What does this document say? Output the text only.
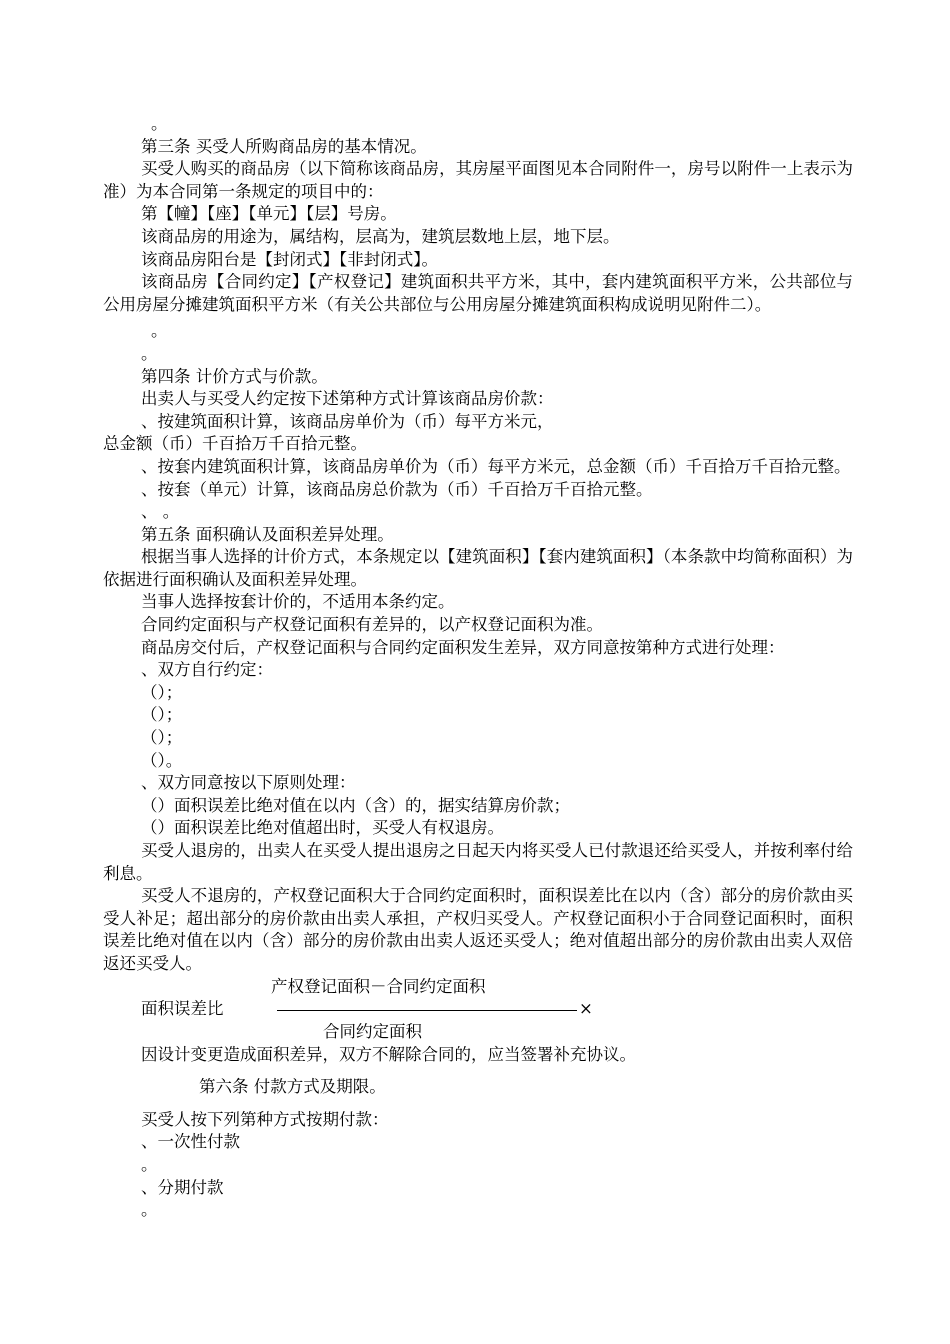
。

第三条 买受人所购商品房的基本情况。

买受人购买的商品房（以下简称该商品房，其房屋平面图见本合同附件一，房号以附件一上表示为准）为本合同第一条规定的项目中的：

第【幢】【座】【单元】【层】号房。

该商品房的用途为，属结构，层高为，建筑层数地上层，地下层。

该商品房阳台是【封闭式】【非封闭式】。

该商品房【合同约定】【产权登记】建筑面积共平方米，其中，套内建筑面积平方米，公共部位与公用房屋分摊建筑面积平方米（有关公共部位与公用房屋分摊建筑面积构成说明见附件二）。

。

。

第四条 计价方式与价款。

出卖人与买受人约定按下述第种方式计算该商品房价款：

、按建筑面积计算，该商品房单价为（币）每平方米元，

总金额（币）千百拾万千百拾元整。

、按套内建筑面积计算，该商品房单价为（币）每平方米元，总金额（币）千百拾万千百拾元整。

、按套（单元）计算，该商品房总价款为（币）千百拾万千百拾元整。

、 。

第五条 面积确认及面积差异处理。

根据当事人选择的计价方式，本条规定以【建筑面积】【套内建筑面积】（本条款中均简称面积）为依据进行面积确认及面积差异处理。

当事人选择按套计价的，不适用本条约定。

合同约定面积与产权登记面积有差异的，以产权登记面积为准。

商品房交付后，产权登记面积与合同约定面积发生差异，双方同意按第种方式进行处理：

、双方自行约定：

（）；

（）；

（）；

（）。

、双方同意按以下原则处理：

（）面积误差比绝对值在以内（含）的，据实结算房价款；

（）面积误差比绝对值超出时，买受人有权退房。

买受人退房的，出卖人在买受人提出退房之日起天内将买受人已付款退还给买受人，并按利率付给利息。

买受人不退房的，产权登记面积大于合同约定面积时，面积误差比在以内（含）部分的房价款由买受人补足；超出部分的房价款由出卖人承担，产权归买受人。产权登记面积小于合同登记面积时，面积误差比绝对值在以内（含）部分的房价款由出卖人返还买受人；绝对值超出部分的房价款由出卖人双倍返还买受人。

产权登记面积－合同约定面积
面积误差比	×
合同约定面积

因设计变更造成面积差异，双方不解除合同的，应当签署补充协议。

第六条 付款方式及期限。

买受人按下列第种方式按期付款：

、一次性付款

。

、分期付款

。
